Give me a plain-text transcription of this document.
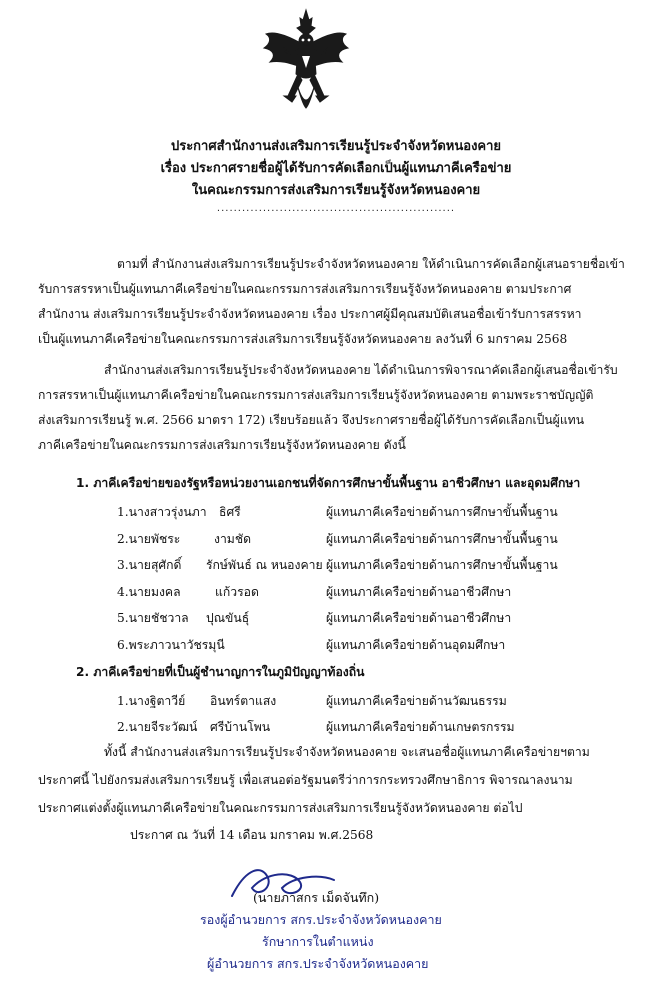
ประกาศสำนักงานส่งเสริมการเรียนรู้ประจำจังหวัดหนองคาย
เรื่อง ประกาศรายชื่อผู้ได้รับการคัดเลือกเป็นผู้แทนภาคีเครือข่าย
ในคณะกรรมการส่งเสริมการเรียนรู้จังหวัดหนองคาย
.........................................................
ตามที่ สำนักงานส่งเสริมการเรียนรู้ประจำจังหวัดหนองคาย ให้ดำเนินการคัดเลือกผู้เสนอรายชื่อเข้า
รับการสรรหาเป็นผู้แทนภาคีเครือข่ายในคณะกรรมการส่งเสริมการเรียนรู้จังหวัดหนองคาย ตามประกาศ
สำนักงาน ส่งเสริมการเรียนรู้ประจำจังหวัดหนองคาย เรื่อง ประกาศผู้มีคุณสมบัติเสนอชื่อเข้ารับการสรรหา
เป็นผู้แทนภาคีเครือข่ายในคณะกรรมการส่งเสริมการเรียนรู้จังหวัดหนองคาย ลงวันที่ 6 มกราคม 2568
สำนักงานส่งเสริมการเรียนรู้ประจำจังหวัดหนองคาย ได้ดำเนินการพิจารณาคัดเลือกผู้เสนอชื่อเข้ารับ
การสรรหาเป็นผู้แทนภาคีเครือข่ายในคณะกรรมการส่งเสริมการเรียนรู้จังหวัดหนองคาย ตามพระราชบัญญัติ
ส่งเสริมการเรียนรู้ พ.ศ. 2566 มาตรา 172) เรียบร้อยแล้ว จึงประกาศรายชื่อผู้ได้รับการคัดเลือกเป็นผู้แทน
ภาคีเครือข่ายในคณะกรรมการส่งเสริมการเรียนรู้จังหวัดหนองคาย ดังนี้
1. ภาคีเครือข่ายของรัฐหรือหน่วยงานเอกชนที่จัดการศึกษาขั้นพื้นฐาน อาชีวศึกษา และอุดมศึกษา
1.นางสาวรุ่งนภา ธิศรี	ผู้แทนภาคีเครือข่ายด้านการศึกษาขั้นพื้นฐาน
2.นายพัชระ	งามชัด	ผู้แทนภาคีเครือข่ายด้านการศึกษาขั้นพื้นฐาน
3.นายสุศักดิ์ รักษ์พันธ์ ณ หนองคาย ผู้แทนภาคีเครือข่ายด้านการศึกษาขั้นพื้นฐาน
4.นายมงคล	แก้วรอด	ผู้แทนภาคีเครือข่ายด้านอาชีวศึกษา
5.นายชัชวาล ปุณขันธุ์	ผู้แทนภาคีเครือข่ายด้านอาชีวศึกษา
6.พระภาวนาวัชรมุนี	ผู้แทนภาคีเครือข่ายด้านอุดมศึกษา
2. ภาคีเครือข่ายที่เป็นผู้ชำนาญการในภูมิปัญญาท้องถิ่น
1.นางฐิตาวีย์ อินทร์ตาแสง	ผู้แทนภาคีเครือข่ายด้านวัฒนธรรม
2.นายจีระวัฒน์ ศรีบ้านโพน	ผู้แทนภาคีเครือข่ายด้านเกษตรกรรม
ทั้งนี้ สำนักงานส่งเสริมการเรียนรู้ประจำจังหวัดหนองคาย จะเสนอชื่อผู้แทนภาคีเครือข่ายฯตาม
ประกาศนี้ ไปยังกรมส่งเสริมการเรียนรู้ เพื่อเสนอต่อรัฐมนตรีว่าการกระทรวงศึกษาธิการ พิจารณาลงนาม
ประกาศแต่งตั้งผู้แทนภาคีเครือข่ายในคณะกรรมการส่งเสริมการเรียนรู้จังหวัดหนองคาย ต่อไป
ประกาศ ณ วันที่ 14 เดือน มกราคม พ.ศ.2568
(นายภาสกร เม็ดจันทึก)
รองผู้อำนวยการ สกร.ประจำจังหวัดหนองคาย
รักษาการในตำแหน่ง
ผู้อำนวยการ สกร.ประจำจังหวัดหนองคาย
